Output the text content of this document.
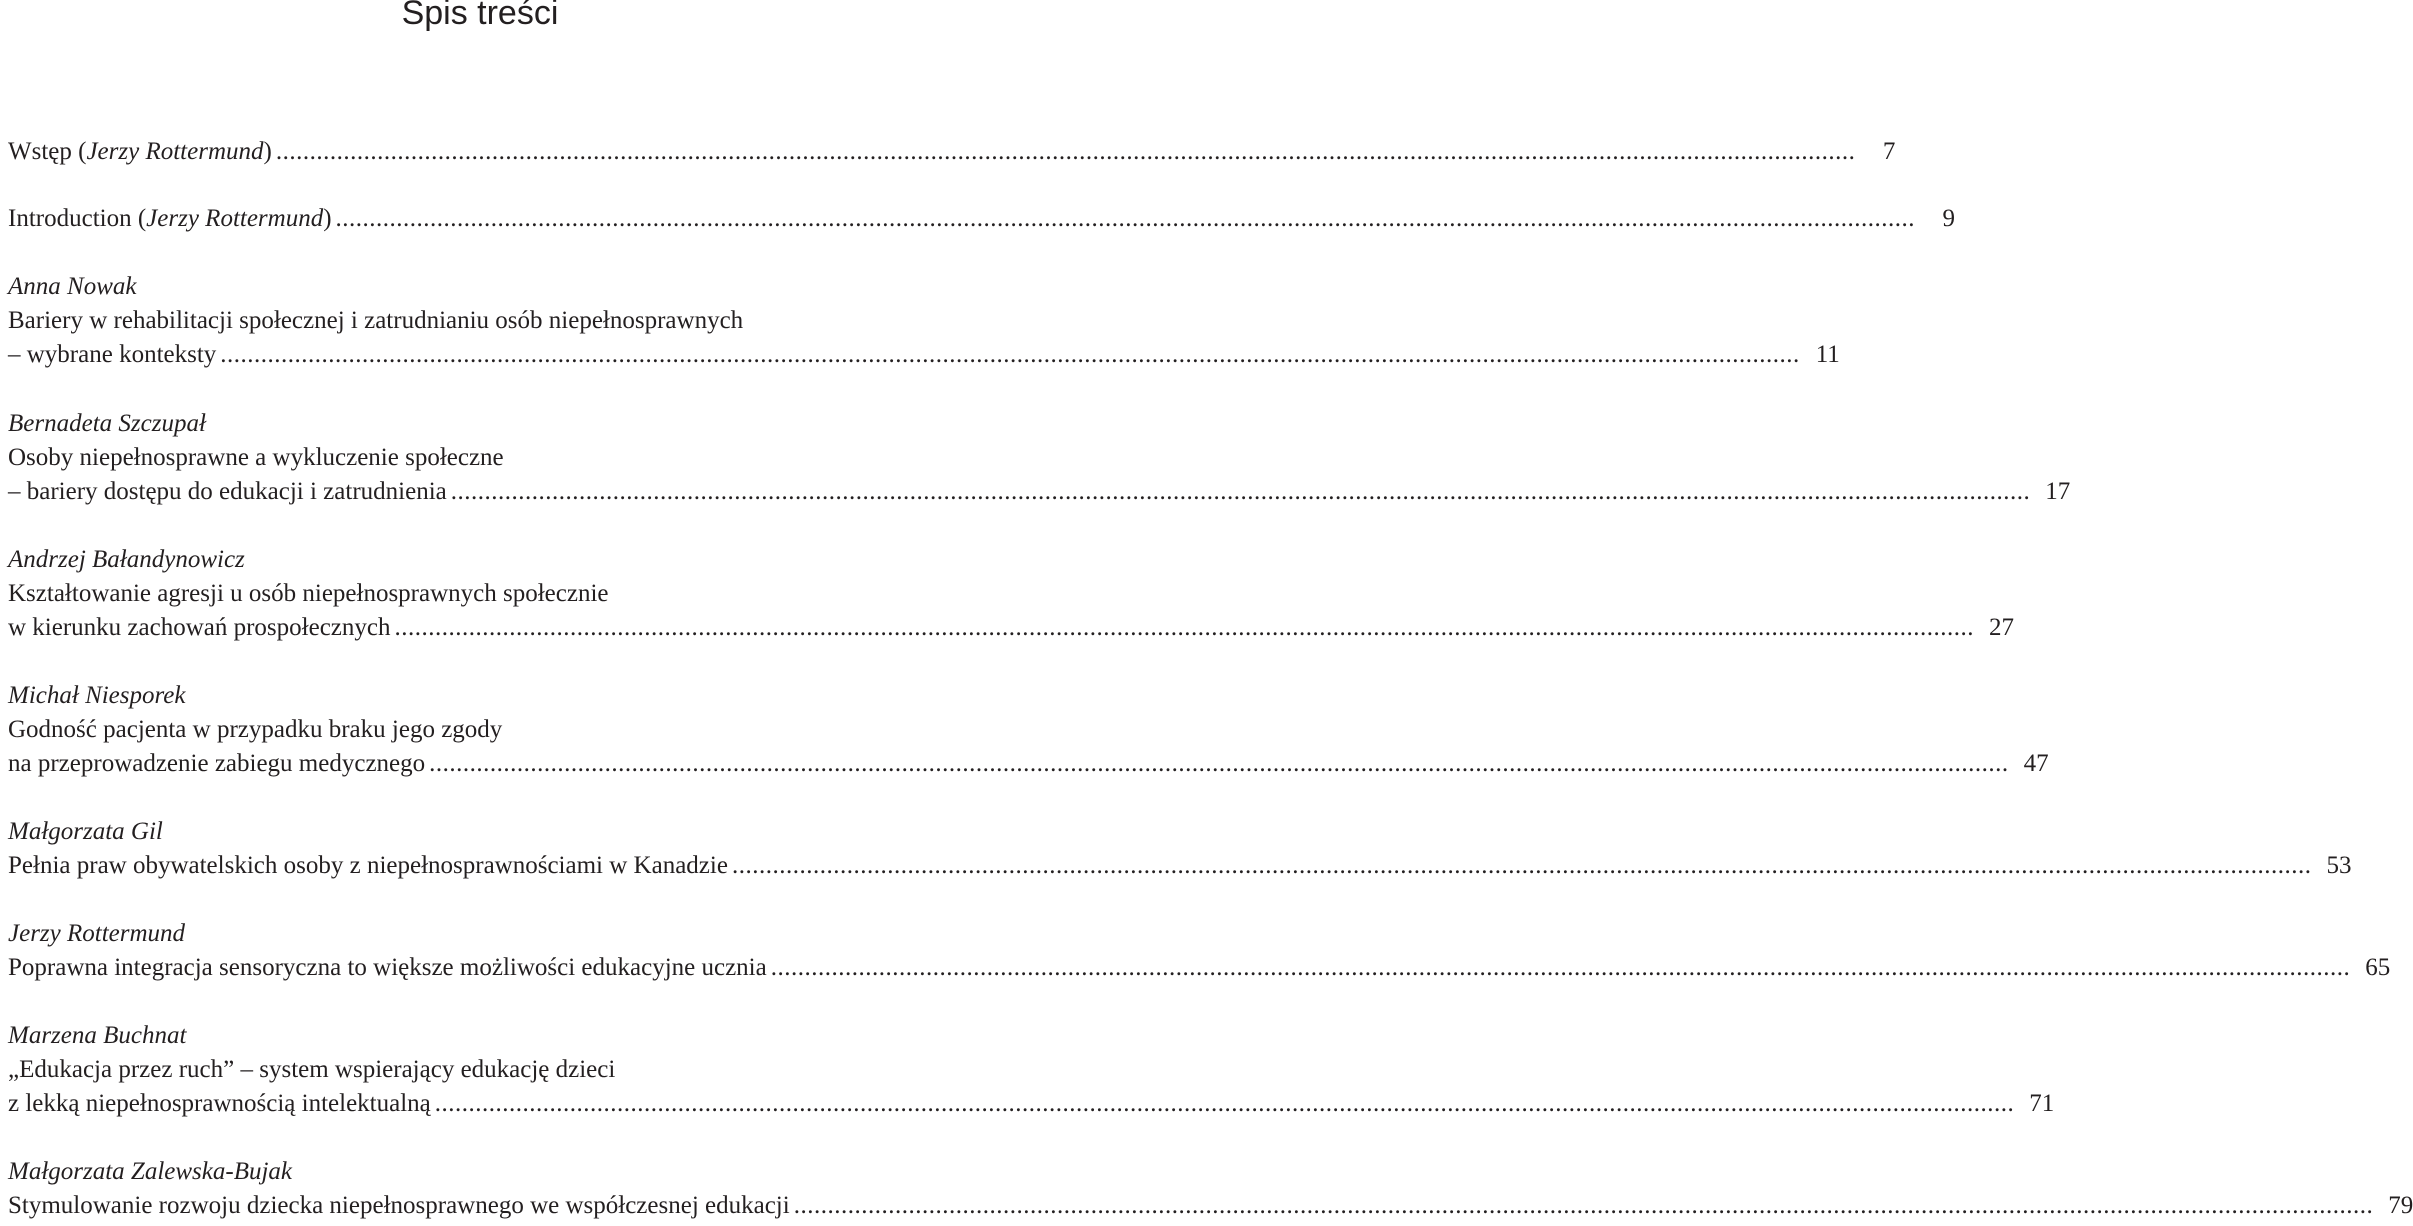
Spis treści
Wstęp (Jerzy Rottermund) ..........................................................................................................................................................................................................................................	7
Introduction (Jerzy Rottermund) ..........................................................................................................................................................................................................................................	9
Anna Nowak
Bariery w rehabilitacji społecznej i zatrudnianiu osób niepełnosprawnych
– wybrane konteksty .......................................................................................................................................................................................................................................... 11
Bernadeta Szczupał
Osoby niepełnosprawne a wykluczenie społeczne
– bariery dostępu do edukacji i zatrudnienia .......................................................................................................................................................................................................................................... 17
Andrzej Bałandynowicz
Kształtowanie agresji u osób niepełnosprawnych społecznie
w kierunku zachowań prospołecznych .......................................................................................................................................................................................................................................... 27
Michał Niesporek
Godność pacjenta w przypadku braku jego zgody
na przeprowadzenie zabiegu medycznego .......................................................................................................................................................................................................................................... 47
Małgorzata Gil
Pełnia praw obywatelskich osoby z niepełnosprawnościami w Kanadzie .......................................................................................................................................................................................................................................... 53
Jerzy Rottermund
Poprawna integracja sensoryczna to większe możliwości edukacyjne ucznia .......................................................................................................................................................................................................................................... 65
Marzena Buchnat
„Edukacja przez ruch” – system wspierający edukację dzieci
z lekką niepełnosprawnością intelektualną .......................................................................................................................................................................................................................................... 71
Małgorzata Zalewska-Bujak
Stymulowanie rozwoju dziecka niepełnosprawnego we współczesnej edukacji .......................................................................................................................................................................................................................................... 79
